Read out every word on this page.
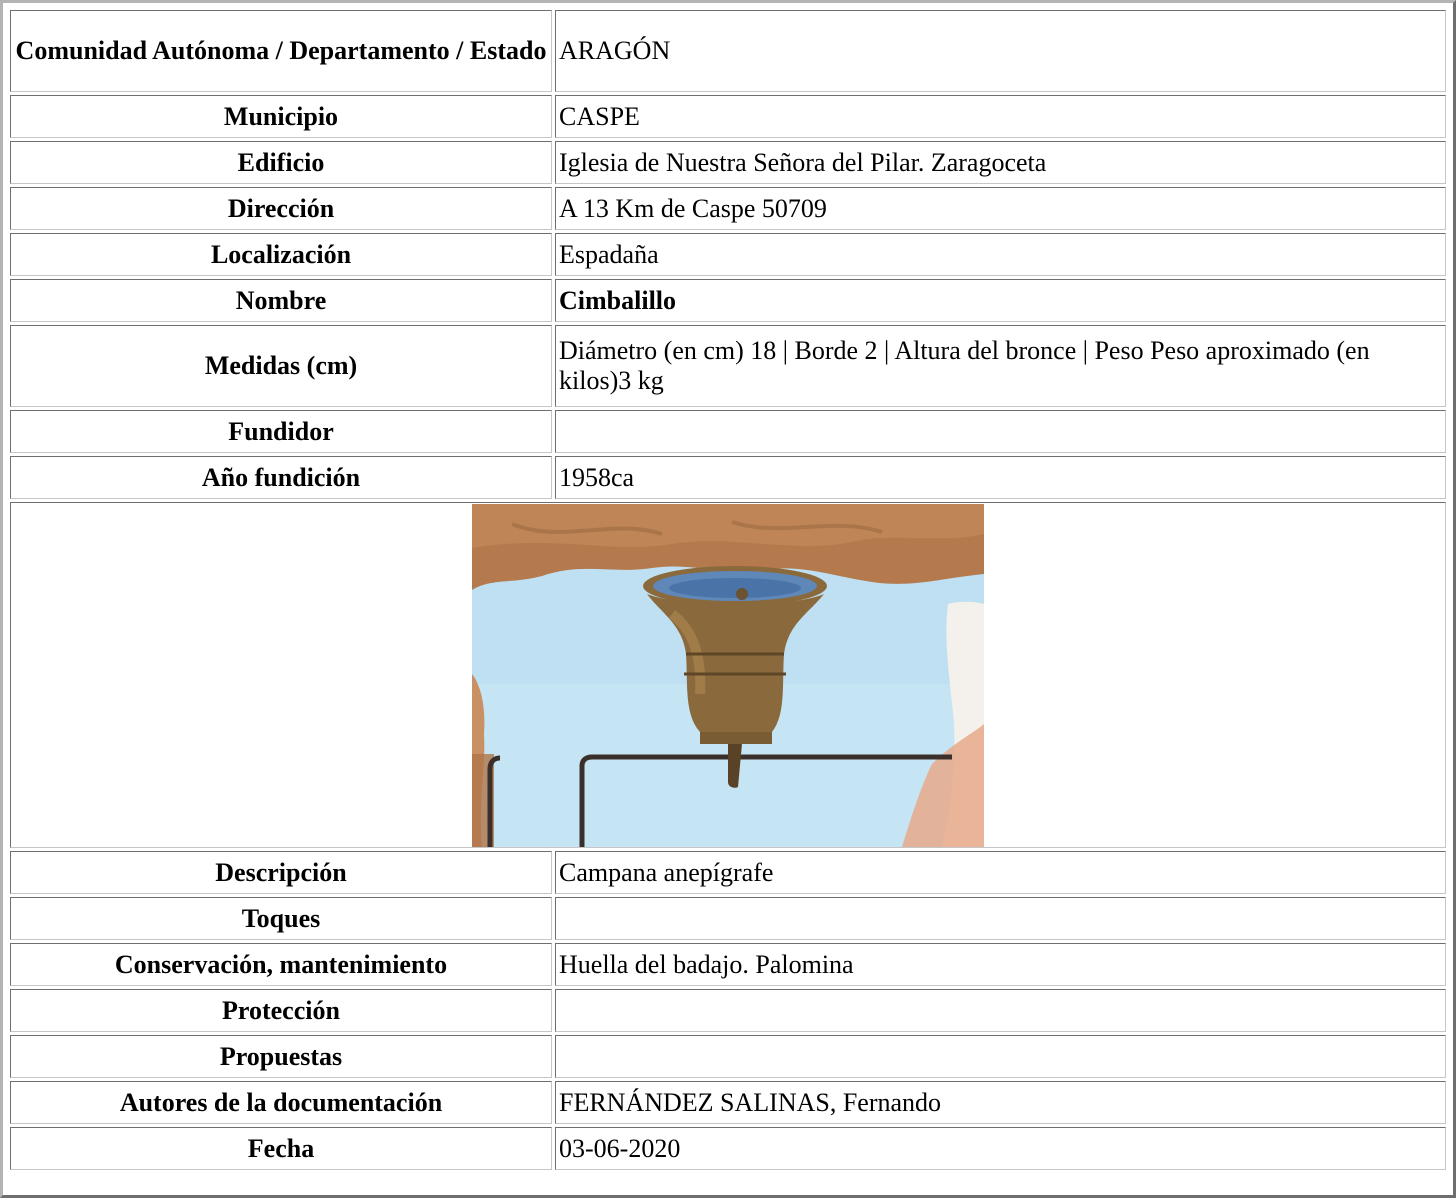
Comunidad Autónoma / Departamento / Estado	ARAGÓN
Municipio	CASPE
Edificio	Iglesia de Nuestra Señora del Pilar. Zaragoceta
Dirección	A 13 Km de Caspe 50709
Localización	Espadaña
Nombre	Cimbalillo
Medidas (cm)	Diámetro (en cm) 18 | Borde 2 | Altura del bronce | Peso Peso aproximado (en kilos)3 kg
Fundidor	
Año fundición	1958ca

Descripción	Campana anepígrafe
Toques	
Conservación, mantenimiento	Huella del badajo. Palomina
Protección	
Propuestas	
Autores de la documentación	FERNÁNDEZ SALINAS, Fernando
Fecha	03-06-2020
